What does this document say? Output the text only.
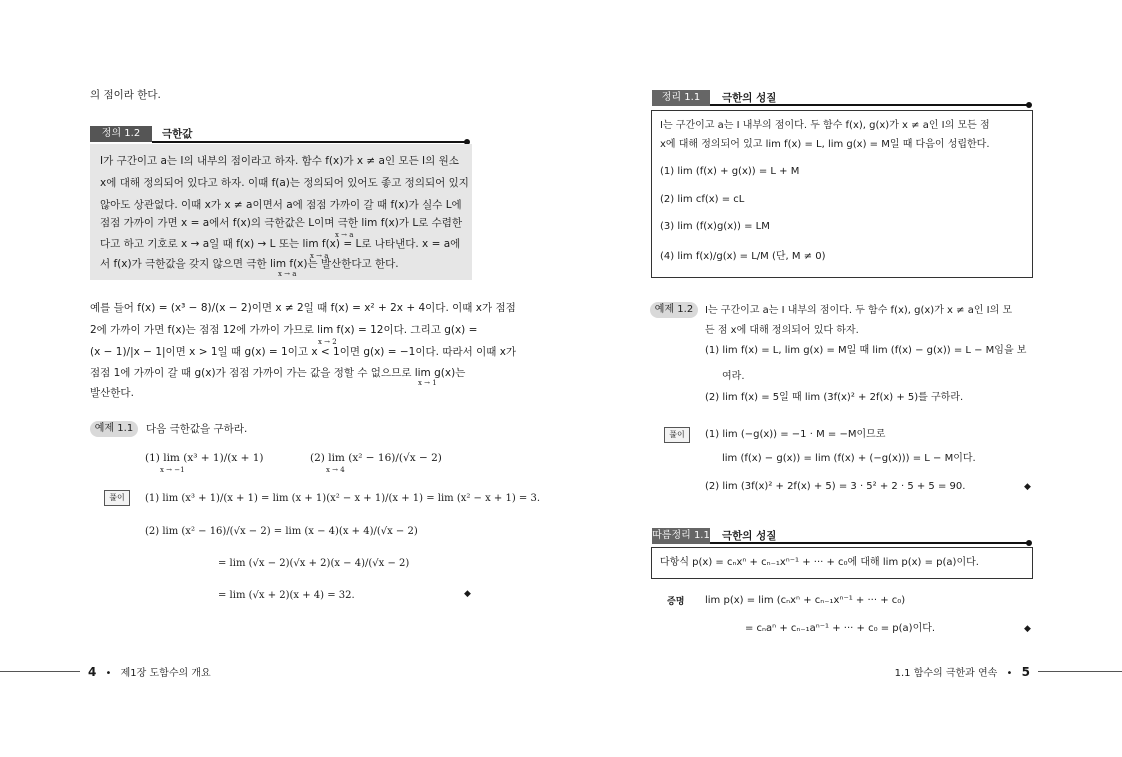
의 점이라 한다.
정의 1.2	극한값
I가 구간이고 a는 I의 내부의 점이라고 하자. 함수 f(x)가 x ≠ a인 모든 I의 원소
x에 대해 정의되어 있다고 하자. 이때 f(a)는 정의되어 있어도 좋고 정의되어 있지
않아도 상관없다. 이때 x가 x ≠ a이면서 a에 점점 가까이 갈 때 f(x)가 실수 L에
점점 가까이 가면 x = a에서 f(x)의 극한값은 L이며 극한 lim f(x)가 L로 수렴한
x → a
다고 하고 기호로 x → a일 때 f(x) → L 또는 lim f(x) = L로 나타낸다. x = a에
x → a
서 f(x)가 극한값을 갖지 않으면 극한 lim f(x)는 발산한다고 한다.
x → a
예를 들어 f(x) = (x³ − 8)/(x − 2)이면 x ≠ 2일 때 f(x) = x² + 2x + 4이다. 이때 x가 점점
2에 가까이 가면 f(x)는 점점 12에 가까이 가므로 lim f(x) = 12이다. 그리고 g(x) =
x → 2
(x − 1)/|x − 1|이면 x > 1일 때 g(x) = 1이고 x < 1이면 g(x) = −1이다. 따라서 이때 x가
점점 1에 가까이 갈 때 g(x)가 점점 가까이 가는 값을 정할 수 없으므로 lim g(x)는
x → 1
발산한다.
예제 1.1	다음 극한값을 구하라.
(1) lim (x³ + 1)/(x + 1)
x → −1
(2) lim (x² − 16)/(√x − 2)
x → 4
풀이	(1) lim (x³ + 1)/(x + 1) = lim (x + 1)(x² − x + 1)/(x + 1) = lim (x² − x + 1) = 3.
(2) lim (x² − 16)/(√x − 2) = lim (x − 4)(x + 4)/(√x − 2)
= lim (√x − 2)(√x + 2)(x − 4)/(√x − 2)
= lim (√x + 2)(x + 4) = 32.	◆
4 • 제1장 도함수의 개요
정리 1.1	극한의 성질
I는 구간이고 a는 I 내부의 점이다. 두 함수 f(x), g(x)가 x ≠ a인 I의 모든 점
x에 대해 정의되어 있고 lim f(x) = L, lim g(x) = M일 때 다음이 성립한다.
(1) lim (f(x) + g(x)) = L + M
(2) lim cf(x) = cL
(3) lim (f(x)g(x)) = LM
(4) lim f(x)/g(x) = L/M (단, M ≠ 0)
예제 1.2	I는 구간이고 a는 I 내부의 점이다. 두 함수 f(x), g(x)가 x ≠ a인 I의 모
든 점 x에 대해 정의되어 있다 하자.
(1) lim f(x) = L, lim g(x) = M일 때 lim (f(x) − g(x)) = L − M임을 보
여라.
(2) lim f(x) = 5일 때 lim (3f(x)² + 2f(x) + 5)를 구하라.
풀이	(1) lim (−g(x)) = −1 · M = −M이므로
lim (f(x) − g(x)) = lim (f(x) + (−g(x))) = L − M이다.
(2) lim (3f(x)² + 2f(x) + 5) = 3 · 5² + 2 · 5 + 5 = 90.	◆
따름정리 1.1 극한의 성질
다항식 p(x) = cₙxⁿ + cₙ₋₁xⁿ⁻¹ + ··· + c₀에 대해 lim p(x) = p(a)이다.
증명 lim p(x) = lim (cₙxⁿ + cₙ₋₁xⁿ⁻¹ + ··· + c₀)
= cₙaⁿ + cₙ₋₁aⁿ⁻¹ + ··· + c₀ = p(a)이다.	◆
1.1 함수의 극한과 연속 • 5
